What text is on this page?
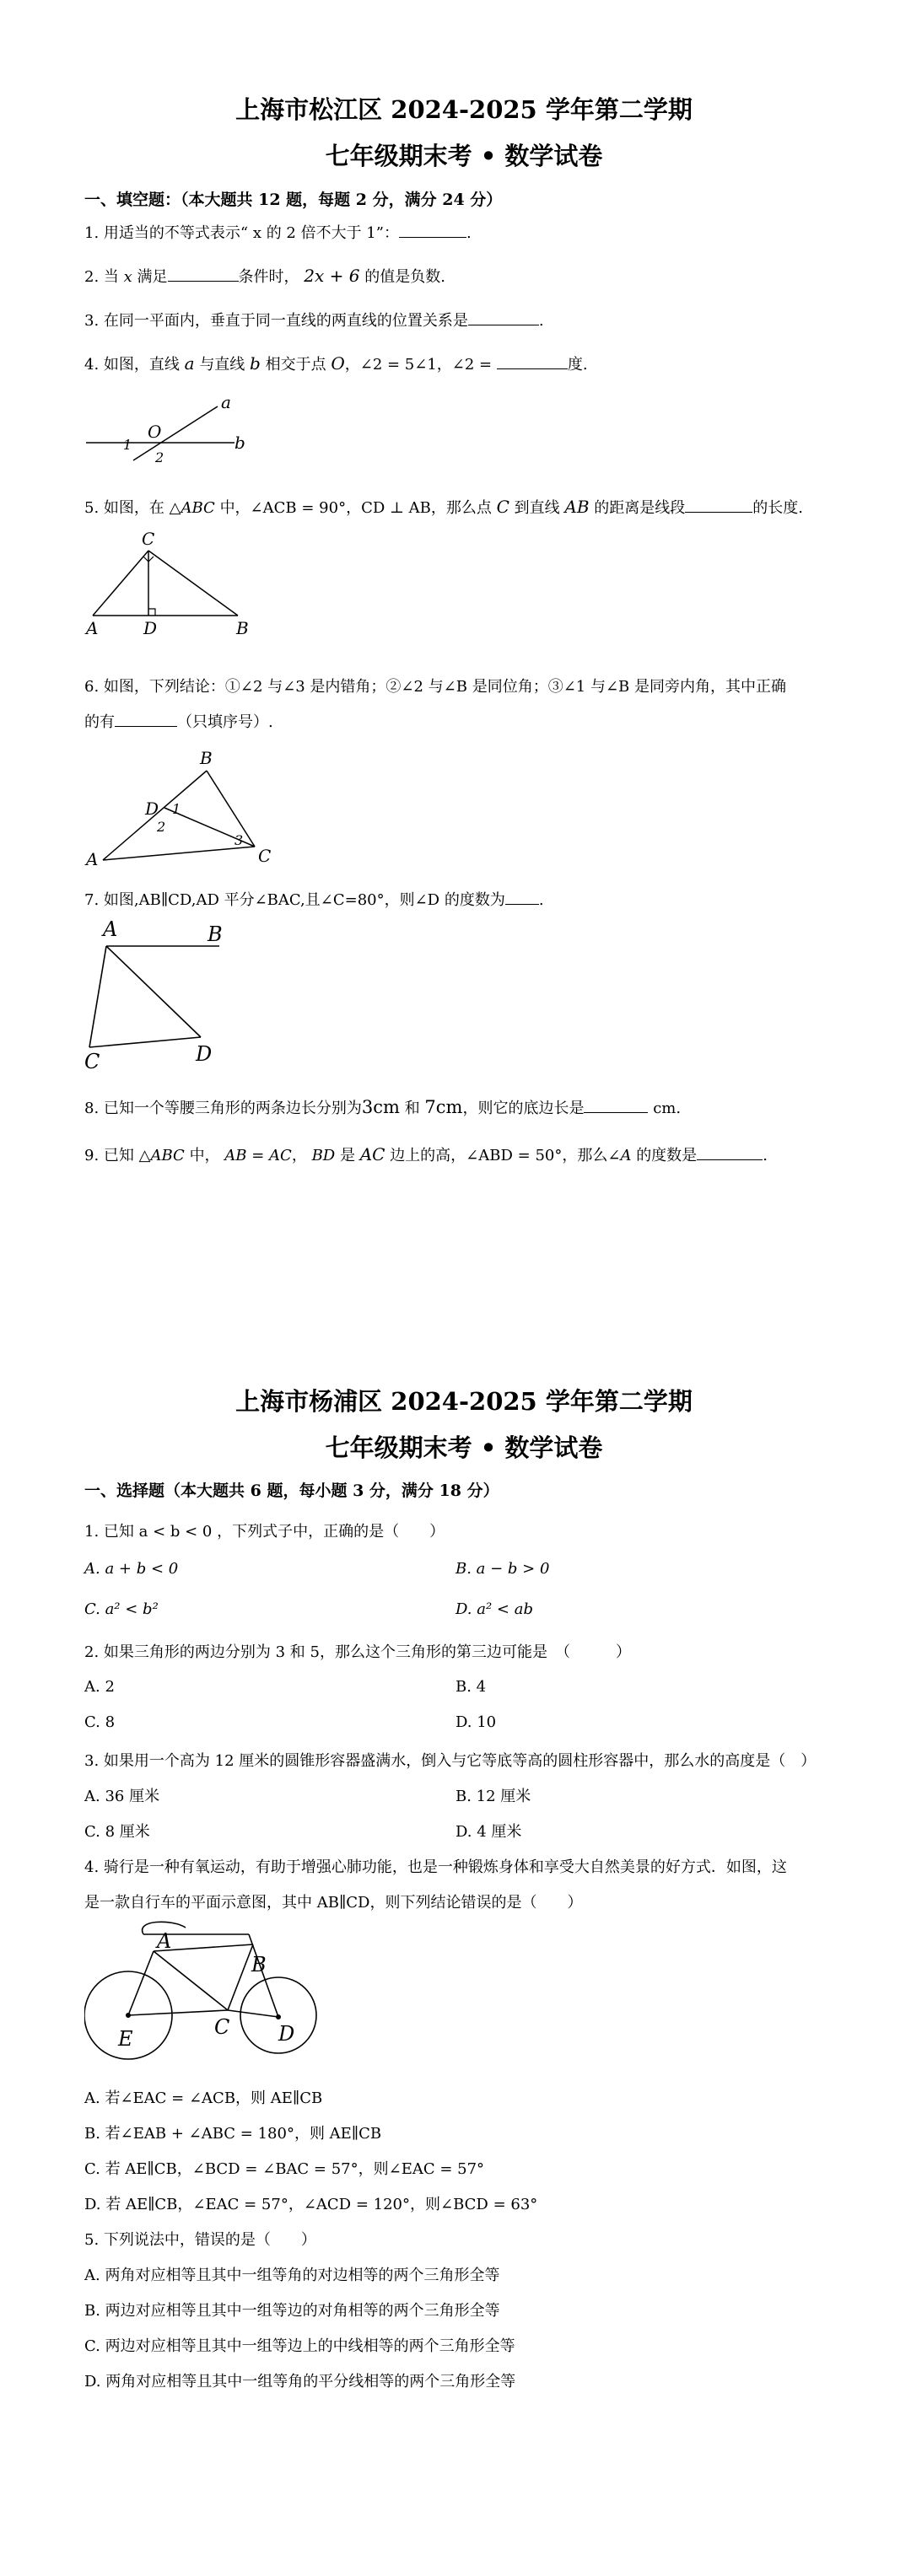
上海市松江区 2024-2025 学年第二学期
七年级期末考 • 数学试卷
一、填空题：（本大题共 12 题，每题 2 分，满分 24 分）
1. 用适当的不等式表示“ x 的 2 倍不大于 1”：	.
2. 当 x 满足	条件时， 2x + 6 的值是负数.
3. 在同一平面内，垂直于同一直线的两直线的位置关系是	.
4. 如图，直线 a 与直线 b 相交于点 O，∠2 = 5∠1，∠2 =	度.
a
b
O
1
2
5. 如图，在 △ABC 中，∠ACB = 90°，CD ⊥ AB，那么点 C 到直线 AB 的距离是线段	的长度.
C
A	D	B
6. 如图，下列结论：①∠2 与∠3 是内错角；②∠2 与∠B 是同位角；③∠1 与∠B 是同旁内角，其中正确
的有	（只填序号）.
B
D 1
2
3
A	C
7. 如图,AB∥CD,AD 平分∠BAC,且∠C=80°，则∠D 的度数为 .
A	B
C	D
8. 已知一个等腰三角形的两条边长分别为3cm 和 7cm，则它的底边长是	cm.
9. 已知 △ABC 中， AB = AC， BD 是 AC 边上的高，∠ABD = 50°，那么∠A 的度数是	.
上海市杨浦区 2024-2025 学年第二学期
七年级期末考 • 数学试卷
一、选择题（本大题共 6 题，每小题 3 分，满分 18 分）
1. 已知 a < b < 0 ，下列式子中，正确的是（　　）
A. a + b < 0	B. a − b > 0
C. a² < b²	D. a² < ab
2. 如果三角形的两边分别为 3 和 5，那么这个三角形的第三边可能是　（　　　）
A. 2	B. 4
C. 8	D. 10
3. 如果用一个高为 12 厘米的圆锥形容器盛满水，倒入与它等底等高的圆柱形容器中，那么水的高度是（　）
A. 36 厘米	B. 12 厘米
C. 8 厘米	D. 4 厘米
4. 骑行是一种有氧运动，有助于增强心肺功能，也是一种锻炼身体和享受大自然美景的好方式．如图，这
是一款自行车的平面示意图，其中 AB∥CD，则下列结论错误的是（　　）
A
B
C D
E
A. 若∠EAC = ∠ACB，则 AE∥CB
B. 若∠EAB + ∠ABC = 180°，则 AE∥CB
C. 若 AE∥CB，∠BCD = ∠BAC = 57°，则∠EAC = 57°
D. 若 AE∥CB，∠EAC = 57°，∠ACD = 120°，则∠BCD = 63°
5. 下列说法中，错误的是（　　）
A. 两角对应相等且其中一组等角的对边相等的两个三角形全等
B. 两边对应相等且其中一组等边的对角相等的两个三角形全等
C. 两边对应相等且其中一组等边上的中线相等的两个三角形全等
D. 两角对应相等且其中一组等角的平分线相等的两个三角形全等
